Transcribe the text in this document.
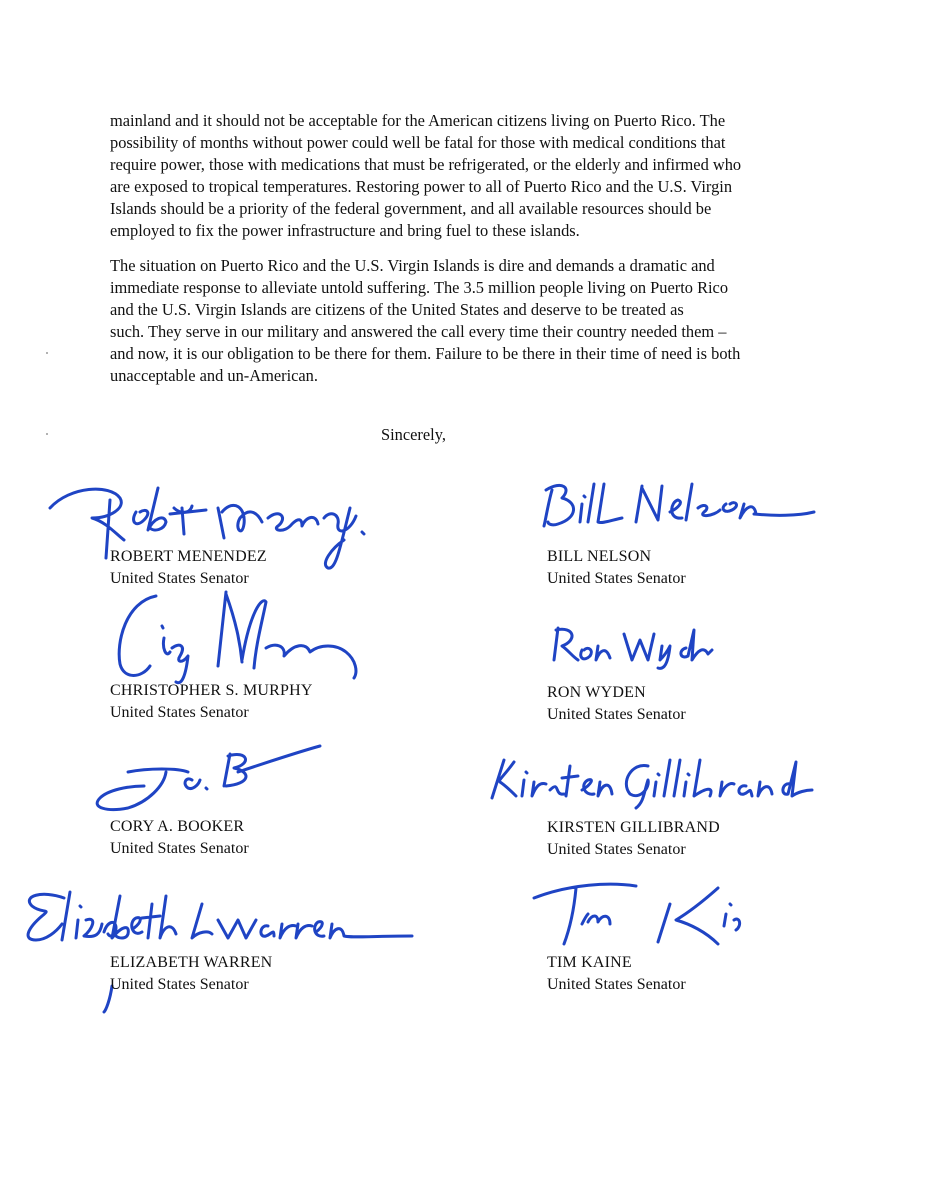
mainland and it should not be acceptable for the American citizens living on Puerto Rico. The
possibility of months without power could well be fatal for those with medical conditions that
require power, those with medications that must be refrigerated, or the elderly and infirmed who
are exposed to tropical temperatures. Restoring power to all of Puerto Rico and the U.S. Virgin
Islands should be a priority of the federal government, and all available resources should be
employed to fix the power infrastructure and bring fuel to these islands.

The situation on Puerto Rico and the U.S. Virgin Islands is dire and demands a dramatic and
immediate response to alleviate untold suffering. The 3.5 million people living on Puerto Rico
and the U.S. Virgin Islands are citizens of the United States and deserve to be treated as
such. They serve in our military and answered the call every time their country needed them –
and now, it is our obligation to be there for them. Failure to be there in their time of need is both
unacceptable and un-American.

Sincerely,
ROBERT MENENDEZ
United States Senator
BILL NELSON
United States Senator
CHRISTOPHER S. MURPHY
United States Senator
RON WYDEN
United States Senator
CORY A. BOOKER
United States Senator
KIRSTEN GILLIBRAND
United States Senator
ELIZABETH WARREN
United States Senator
TIM KAINE
United States Senator
